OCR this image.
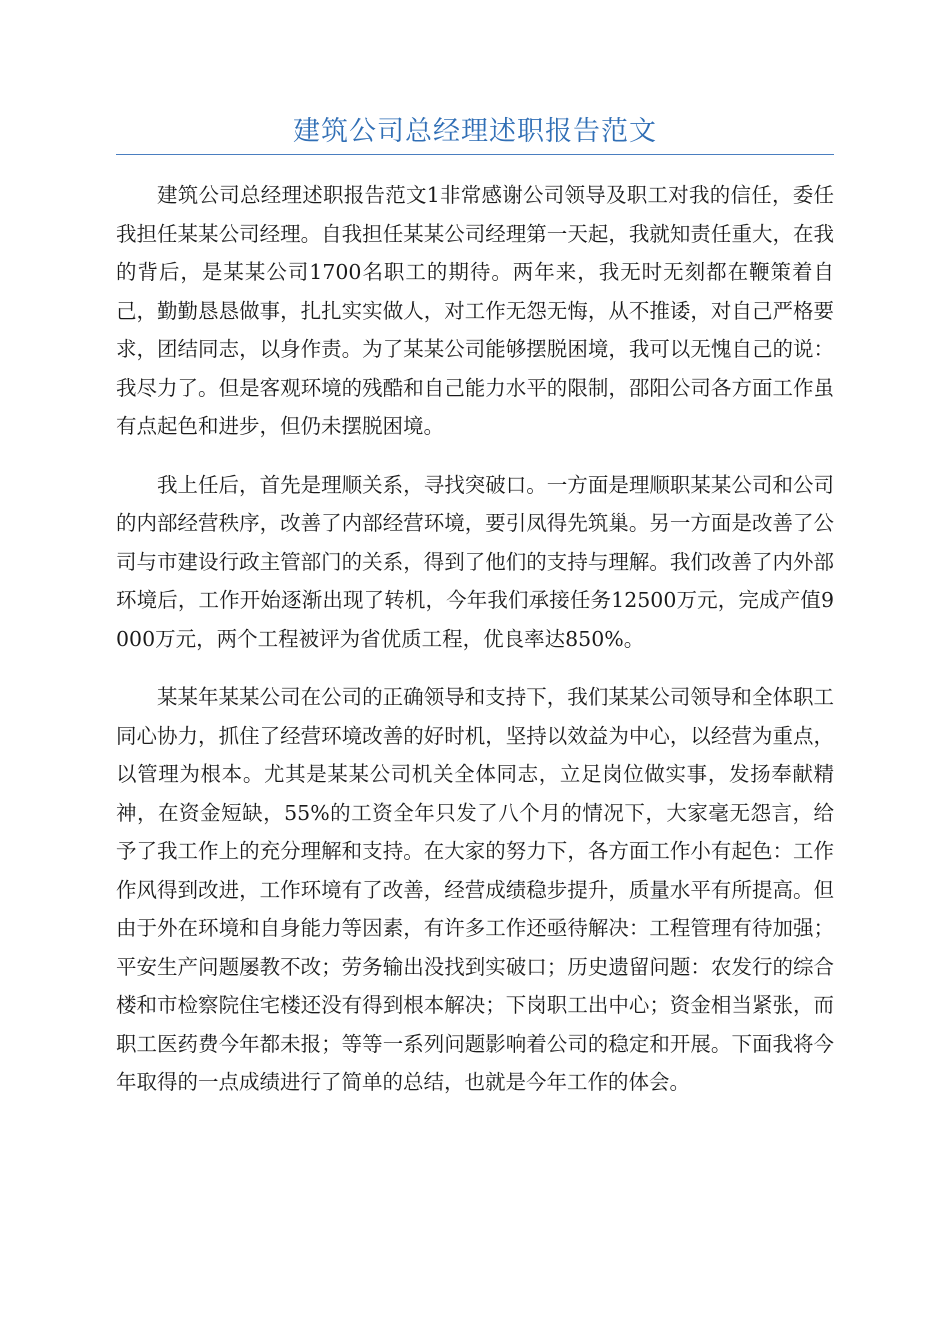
建筑公司总经理述职报告范文

建筑公司总经理述职报告范文1非常感谢公司领导及职工对我的信任，委任我担任某某公司经理。自我担任某某公司经理第一天起，我就知责任重大，在我的背后，是某某公司1700名职工的期待。两年来，我无时无刻都在鞭策着自己，勤勤恳恳做事，扎扎实实做人，对工作无怨无悔，从不推诿，对自己严格要求，团结同志，以身作责。为了某某公司能够摆脱困境，我可以无愧自己的说：我尽力了。但是客观环境的残酷和自己能力水平的限制，邵阳公司各方面工作虽有点起色和进步，但仍未摆脱困境。

我上任后，首先是理顺关系，寻找突破口。一方面是理顺职某某公司和公司的内部经营秩序，改善了内部经营环境，要引凤得先筑巢。另一方面是改善了公司与市建设行政主管部门的关系，得到了他们的支持与理解。我们改善了内外部环境后，工作开始逐渐出现了转机，今年我们承接任务12500万元，完成产值9000万元，两个工程被评为省优质工程，优良率达850%。

某某年某某公司在公司的正确领导和支持下，我们某某公司领导和全体职工同心协力，抓住了经营环境改善的好时机，坚持以效益为中心，以经营为重点，以管理为根本。尤其是某某公司机关全体同志，立足岗位做实事，发扬奉献精神，在资金短缺，55%的工资全年只发了八个月的情况下，大家毫无怨言，给予了我工作上的充分理解和支持。在大家的努力下，各方面工作小有起色：工作作风得到改进，工作环境有了改善，经营成绩稳步提升，质量水平有所提高。但由于外在环境和自身能力等因素，有许多工作还亟待解决：工程管理有待加强；平安生产问题屡教不改；劳务输出没找到实破口；历史遗留问题：农发行的综合楼和市检察院住宅楼还没有得到根本解决；下岗职工出中心；资金相当紧张，而职工医药费今年都未报；等等一系列问题影响着公司的稳定和开展。下面我将今年取得的一点成绩进行了简单的总结，也就是今年工作的体会。
